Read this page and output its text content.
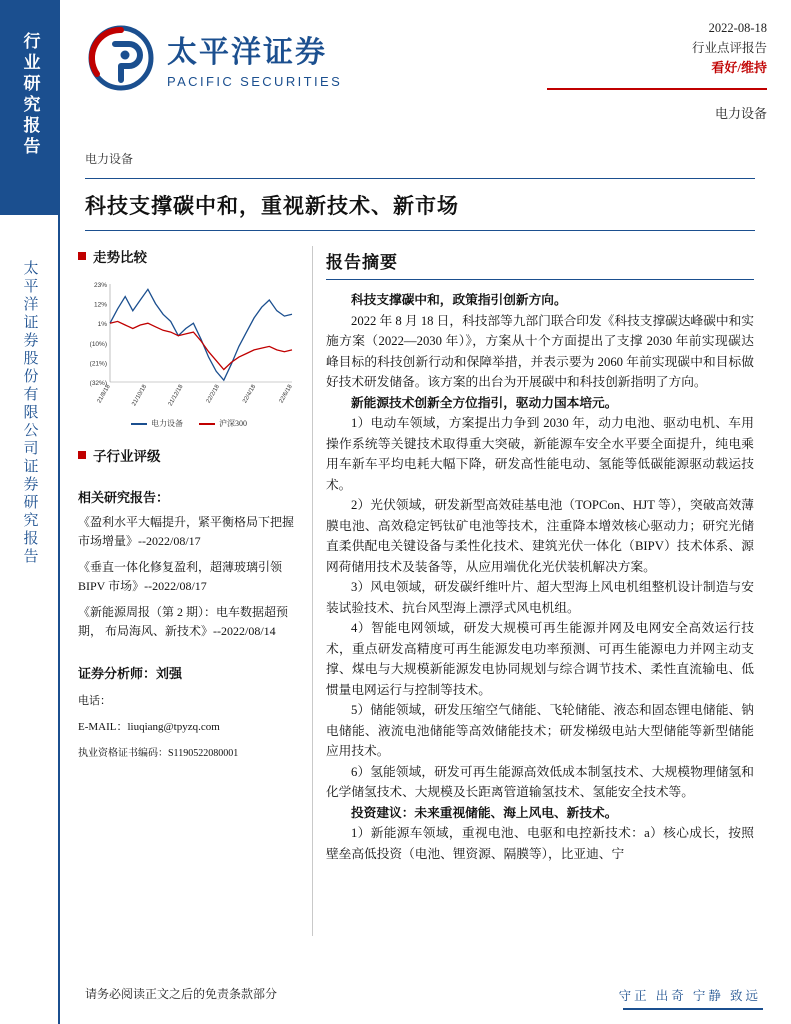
行业研究报告
太平洋证券股份有限公司证券研究报告
太平洋证券
PACIFIC SECURITIES
2022-08-18
行业点评报告
看好/维持
电力设备
电力设备
科技支撑碳中和，重视新技术、新市场
走势比较
23%
12%
1%
(10%)
(21%)
(32%)
21/8/18	21/10/18	21/12/18	22/2/18	22/4/18	22/6/18
电力设备	沪深300
子行业评级
相关研究报告：
《盈利水平大幅提升，紧平衡格局下把握市场增量》--2022/08/17
《垂直一体化修复盈利，超薄玻璃引领 BIPV 市场》--2022/08/17
《新能源周报（第 2 期）：电车数据超预期， 布局海风、新技术》--2022/08/14
证券分析师：刘强
电话：
E-MAIL：liuqiang@tpyzq.com
执业资格证书编码：S1190522080001
报告摘要
科技支撑碳中和，政策指引创新方向。
2022 年 8 月 18 日，科技部等九部门联合印发《科技支撑碳达峰碳中和实施方案（2022—2030 年）》，方案从十个方面提出了支撑 2030 年前实现碳达峰目标的科技创新行动和保障举措，并表示要为 2060 年前实现碳中和目标做好技术研发储备。该方案的出台为开展碳中和科技创新指明了方向。
新能源技术创新全方位指引，驱动力国本培元。
1）电动车领域，方案提出力争到 2030 年，动力电池、驱动电机、车用操作系统等关键技术取得重大突破，新能源车安全水平要全面提升，纯电乘用车新车平均电耗大幅下降，研发高性能电动、氢能等低碳能源驱动载运技术。
2）光伏领域，研发新型高效硅基电池（TOPCon、HJT 等），突破高效薄膜电池、高效稳定钙钛矿电池等技术，注重降本增效核心驱动力；研究光储直柔供配电关键设备与柔性化技术、建筑光伏一体化（BIPV）技术体系、源网荷储用技术及装备等，从应用端优化光伏装机解决方案。
3）风电领域，研发碳纤维叶片、超大型海上风电机组整机设计制造与安装试验技术、抗台风型海上漂浮式风电机组。
4）智能电网领域，研发大规模可再生能源并网及电网安全高效运行技术，重点研发高精度可再生能源发电功率预测、可再生能源电力并网主动支撑、煤电与大规模新能源发电协同规划与综合调节技术、柔性直流输电、低惯量电网运行与控制等技术。
5）储能领域，研发压缩空气储能、飞轮储能、液态和固态锂电储能、钠电储能、液流电池储能等高效储能技术；研发梯级电站大型储能等新型储能应用技术。
6）氢能领域，研发可再生能源高效低成本制氢技术、大规模物理储氢和化学储氢技术、大规模及长距离管道输氢技术、氢能安全技术等。
投资建议：未来重视储能、海上风电、新技术。
1）新能源车领域，重视电池、电驱和电控新技术：a）核心成长，按照壁垒高低投资（电池、锂资源、隔膜等），比亚迪、宁
请务必阅读正文之后的免责条款部分	守正 出奇 宁静 致远
